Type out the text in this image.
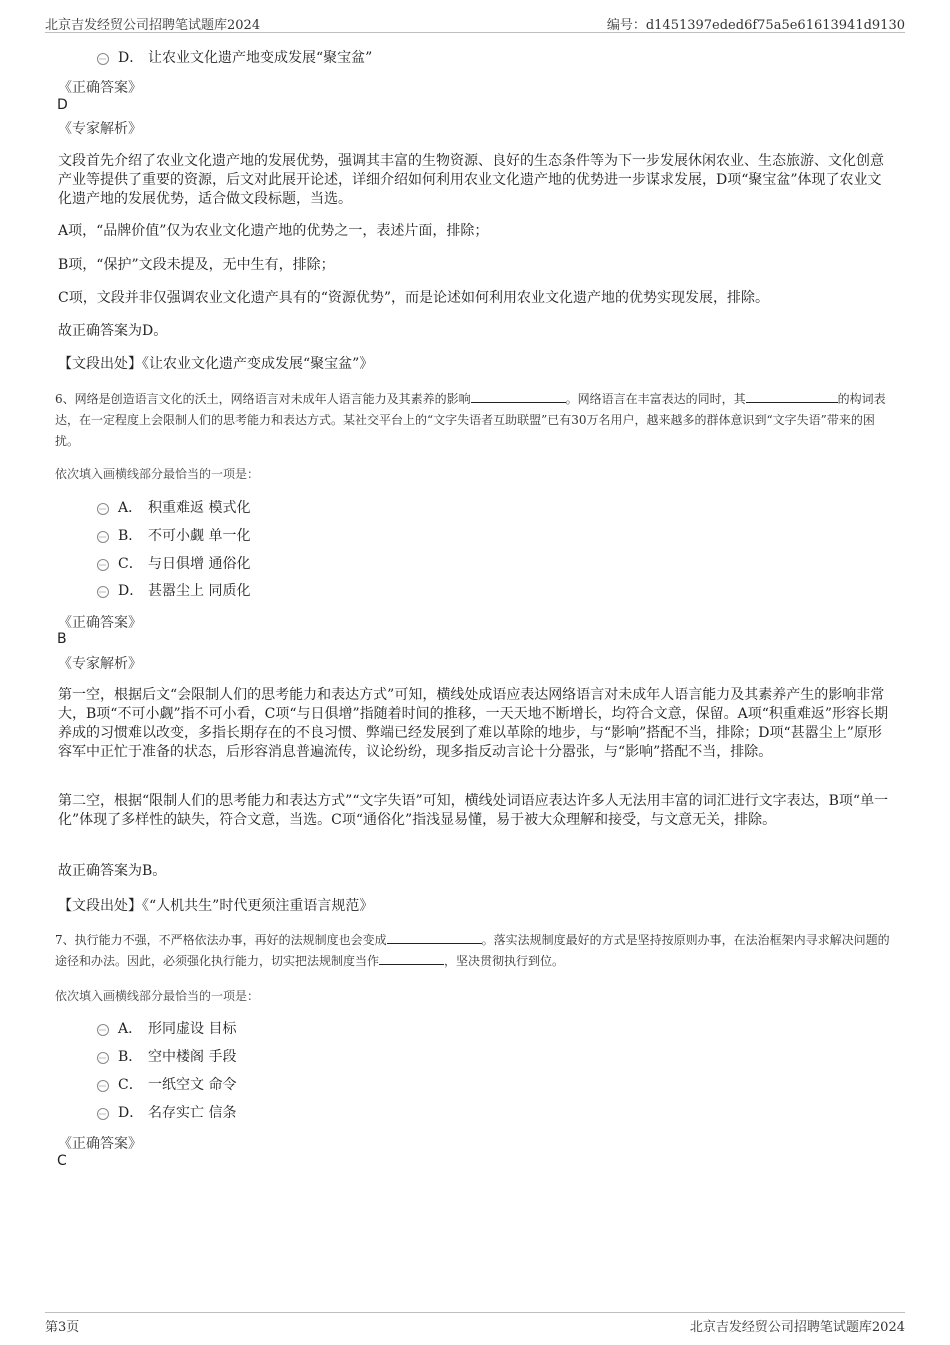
北京吉发经贸公司招聘笔试题库2024	编号：d1451397eded6f75a5e61613941d9130
D． 让农业文化遗产地变成发展“聚宝盆”
《正确答案》
D
《专家解析》
文段首先介绍了农业文化遗产地的发展优势，强调其丰富的生物资源、良好的生态条件等为下一步发展休闲农业、生态旅游、文化创意产业等提供了重要的资源，后文对此展开论述，详细介绍如何利用农业文化遗产地的优势进一步谋求发展，D项“聚宝盆”体现了农业文化遗产地的发展优势，适合做文段标题，当选。
A项，“品牌价值”仅为农业文化遗产地的优势之一，表述片面，排除；
B项，“保护”文段未提及，无中生有，排除；
C项，文段并非仅强调农业文化遗产具有的“资源优势”，而是论述如何利用农业文化遗产地的优势实现发展，排除。
故正确答案为D。
【文段出处】《让农业文化遗产变成发展“聚宝盆”》
6、网络是创造语言文化的沃土，网络语言对未成年人语言能力及其素养的影响	。网络语言在丰富表达的同时，其	的构词表达，在一定程度上会限制人们的思考能力和表达方式。某社交平台上的“文字失语者互助联盟”已有30万名用户，越来越多的群体意识到“文字失语”带来的困扰。
依次填入画横线部分最恰当的一项是：
A． 积重难返 模式化
B． 不可小觑 单一化
C． 与日俱增 通俗化
D． 甚嚣尘上 同质化
《正确答案》
B
《专家解析》
第一空，根据后文“会限制人们的思考能力和表达方式”可知，横线处成语应表达网络语言对未成年人语言能力及其素养产生的影响非常大，B项“不可小觑”指不可小看，C项“与日俱增”指随着时间的推移，一天天地不断增长，均符合文意，保留。A项“积重难返”形容长期养成的习惯难以改变，多指长期存在的不良习惯、弊端已经发展到了难以革除的地步，与“影响”搭配不当，排除；D项“甚嚣尘上”原形容军中正忙于准备的状态，后形容消息普遍流传，议论纷纷，现多指反动言论十分嚣张，与“影响”搭配不当，排除。
第二空，根据“限制人们的思考能力和表达方式”“文字失语”可知，横线处词语应表达许多人无法用丰富的词汇进行文字表达，B项“单一化”体现了多样性的缺失，符合文意，当选。C项“通俗化”指浅显易懂，易于被大众理解和接受，与文意无关，排除。
故正确答案为B。
【文段出处】《“人机共生”时代更须注重语言规范》
7、执行能力不强，不严格依法办事，再好的法规制度也会变成	。落实法规制度最好的方式是坚持按原则办事，在法治框架内寻求解决问题的途径和办法。因此，必须强化执行能力，切实把法规制度当作	，坚决贯彻执行到位。
依次填入画横线部分最恰当的一项是：
A． 形同虚设 目标
B． 空中楼阁 手段
C． 一纸空文 命令
D． 名存实亡 信条
《正确答案》
C
第3页	北京吉发经贸公司招聘笔试题库2024
